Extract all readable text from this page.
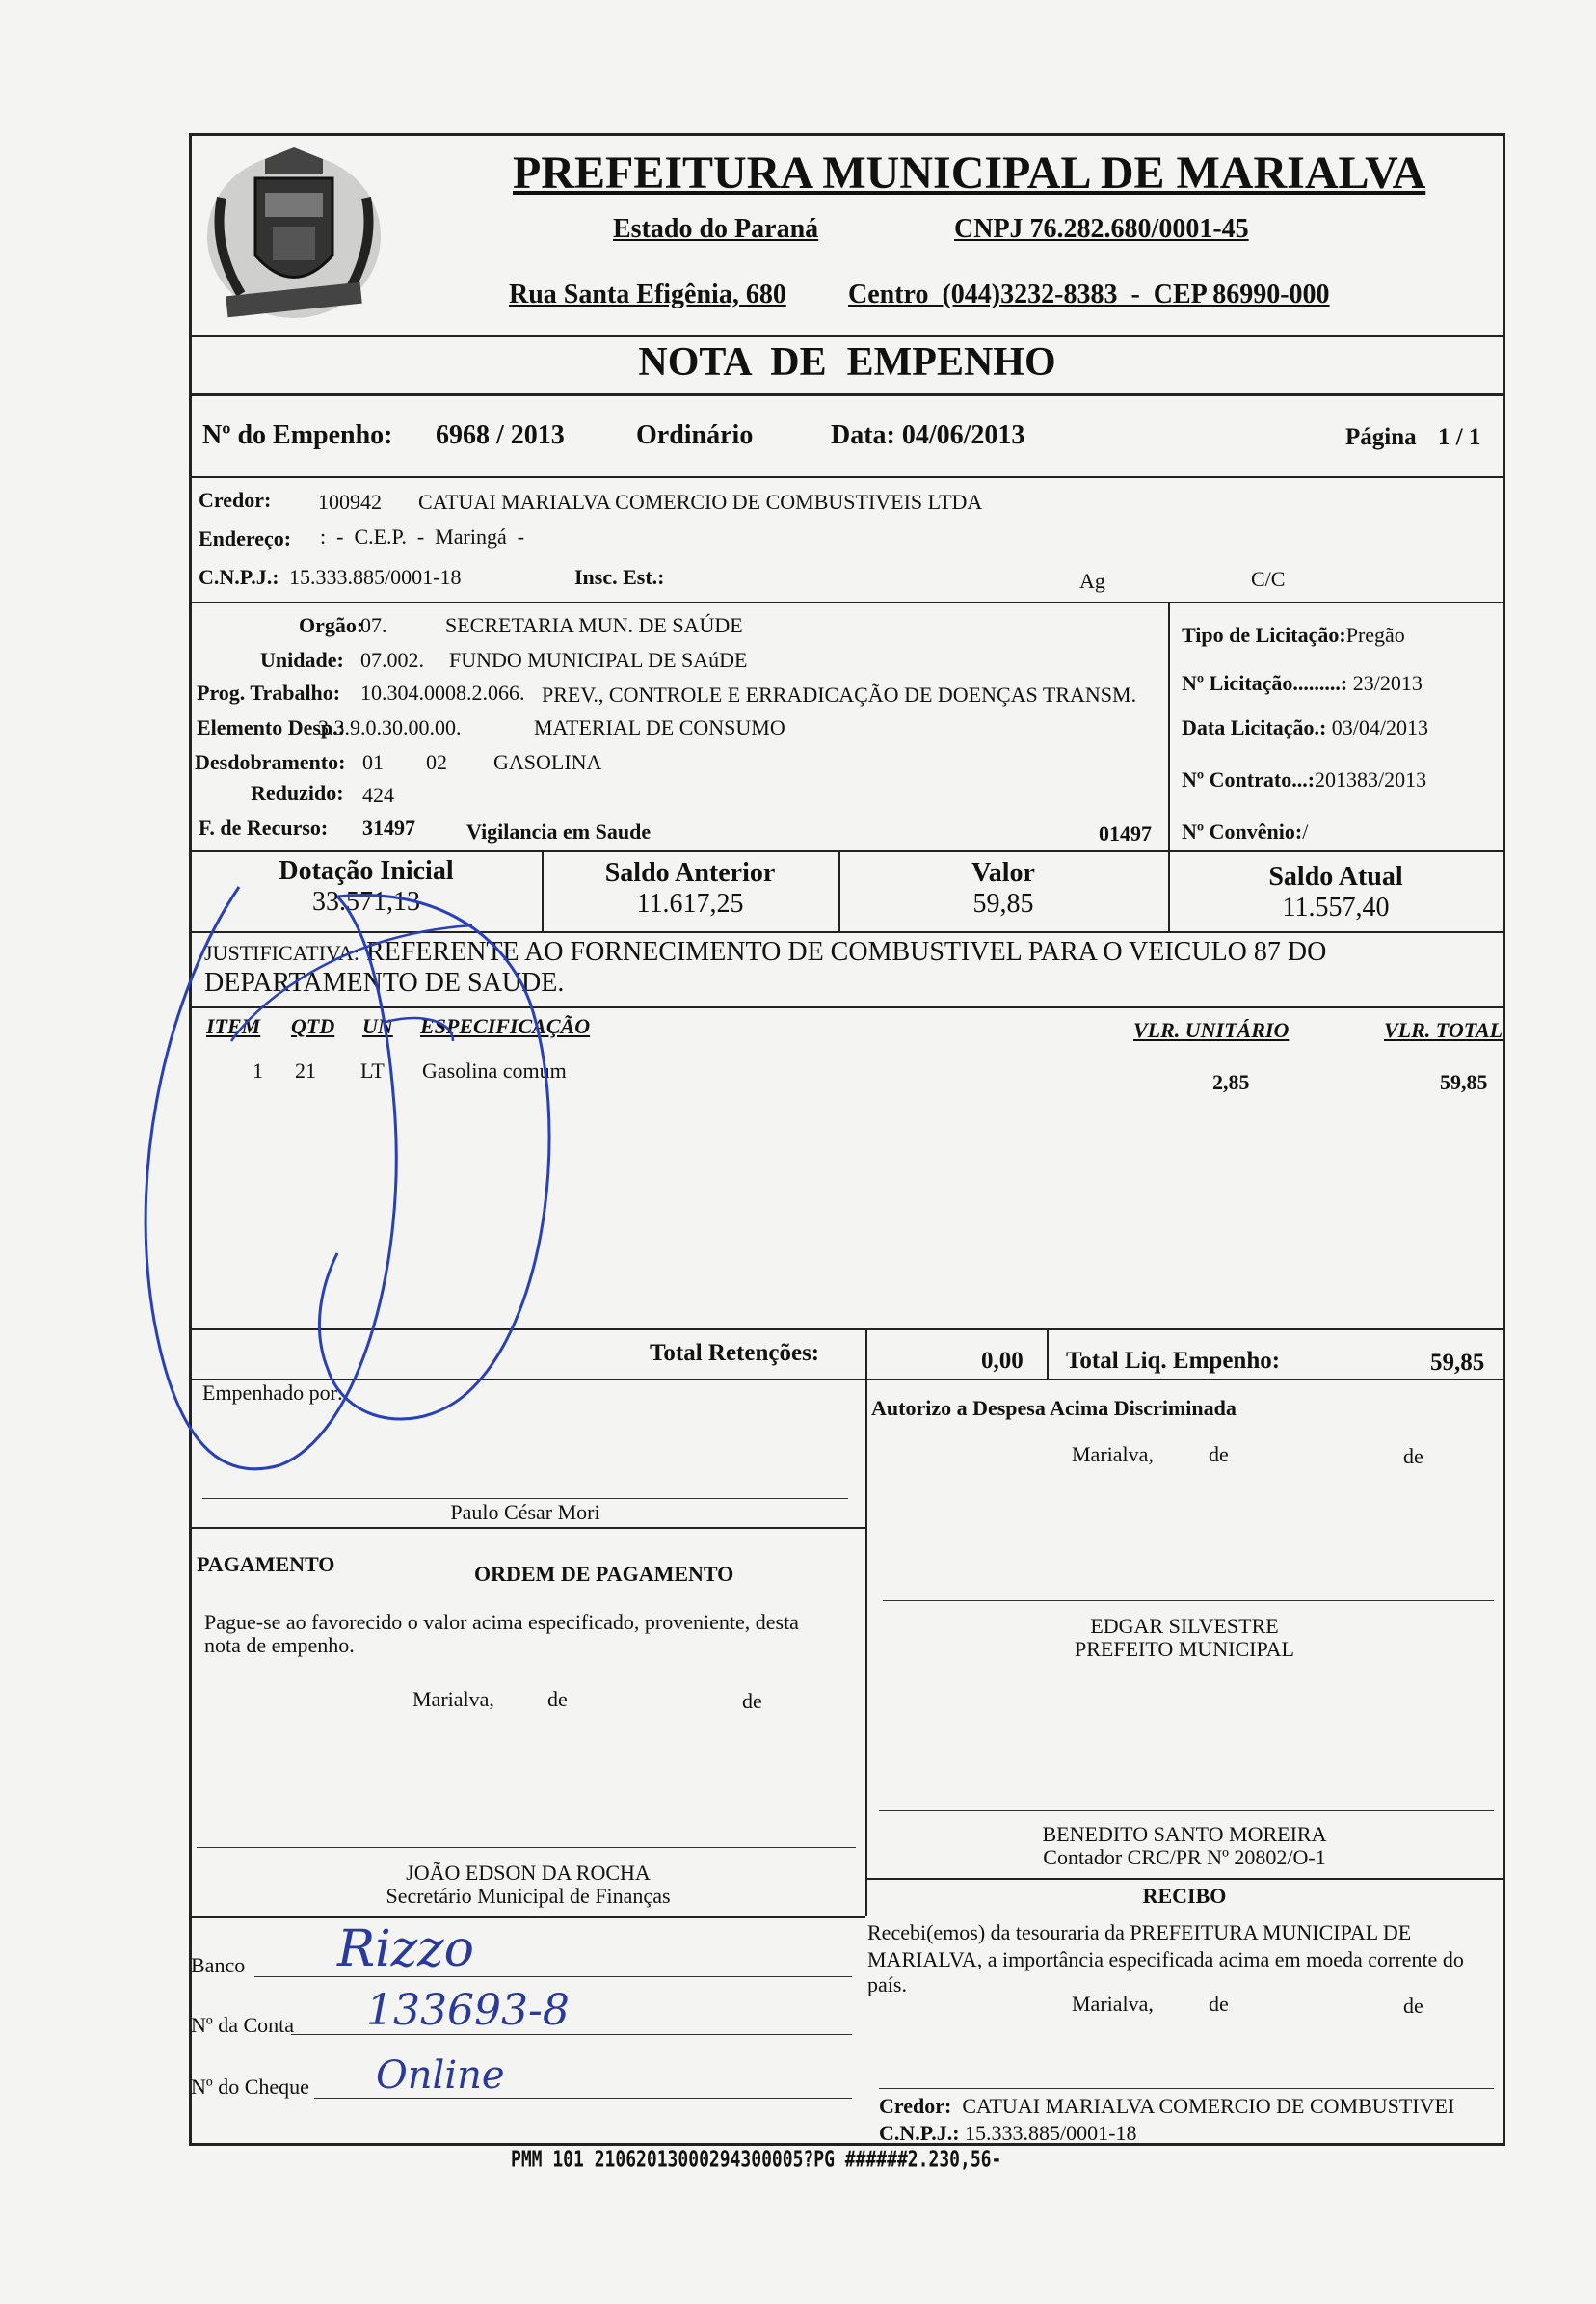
PREFEITURA MUNICIPAL DE MARIALVA
Estado do Paraná	CNPJ 76.282.680/0001-45
Rua Santa Efigênia, 680 Centro  (044)3232-8383  -  CEP 86990-000
NOTA  DE  EMPENHO
Nº do Empenho: 6968 / 2013	Ordinário	Data: 04/06/2013	Página 1 / 1
Credor: 100942 CATUAI MARIALVA COMERCIO DE COMBUSTIVEIS LTDA
Endereço: :  -  C.E.P.  -  Maringá  -
C.N.P.J.: 15.333.885/0001-18	Insc. Est.:	Ag	C/C
Orgão:
07.	SECRETARIA MUN. DE SAÚDE
Unidade: 07.002. FUNDO MUNICIPAL DE SAúDE
Prog. Trabalho: 10.304.0008.2.066. PREV., CONTROLE E ERRADICAÇÃO DE DOENÇAS TRANSM.
Elemento Desp.:
3.3.9.0.30.00.00.	MATERIAL DE CONSUMO
Desdobramento: 01 02 GASOLINA
Reduzido: 424
F. de Recurso: 31497 Vigilancia em Saude	01497
Tipo de Licitação:Pregão
Nº Licitação.........: 23/2013
Data Licitação.: 03/04/2013
Nº Contrato...:201383/2013
Nº Convênio:/
Dotação Inicial
33.571,13
Saldo Anterior
11.617,25
Valor
59,85
Saldo Atual
11.557,40
JUSTIFICATIVA: REFERENTE AO FORNECIMENTO DE COMBUSTIVEL PARA O VEICULO 87 DO
DEPARTAMENTO DE SAUDE.
ITEM QTD UN ESPECIFICAÇÃO	VLR. UNITÁRIO	VLR. TOTAL
1 21 LT Gasolina comum	2,85	59,85
Total Retenções:	0,00 Total Liq. Empenho:	59,85
Empenhado por:
Paulo César Mori
Autorizo a Despesa Acima Discriminada
Marialva,	de	de
EDGAR SILVESTRE
PREFEITO MUNICIPAL
PAGAMENTO	ORDEM DE PAGAMENTO
Pague-se ao favorecido o valor acima especificado, proveniente, desta
nota de empenho.
Marialva,	de	de
BENEDITO SANTO MOREIRA
Contador CRC/PR Nº 20802/O-1
JOÃO EDSON DA ROCHA
Secretário Municipal de Finanças	RECIBO
Recebi(emos) da tesouraria da PREFEITURA MUNICIPAL DE
MARIALVA, a importância especificada acima em moeda corrente do
país.
Marialva,	de	de
Banco Rizzo
Nº da Conta 133693-8
Nº do Cheque Online
Credor: CATUAI MARIALVA COMERCIO DE COMBUSTIVEI
C.N.P.J.: 15.333.885/0001-18
PMM 101 21062013000294300005?PG ######2.230,56-
